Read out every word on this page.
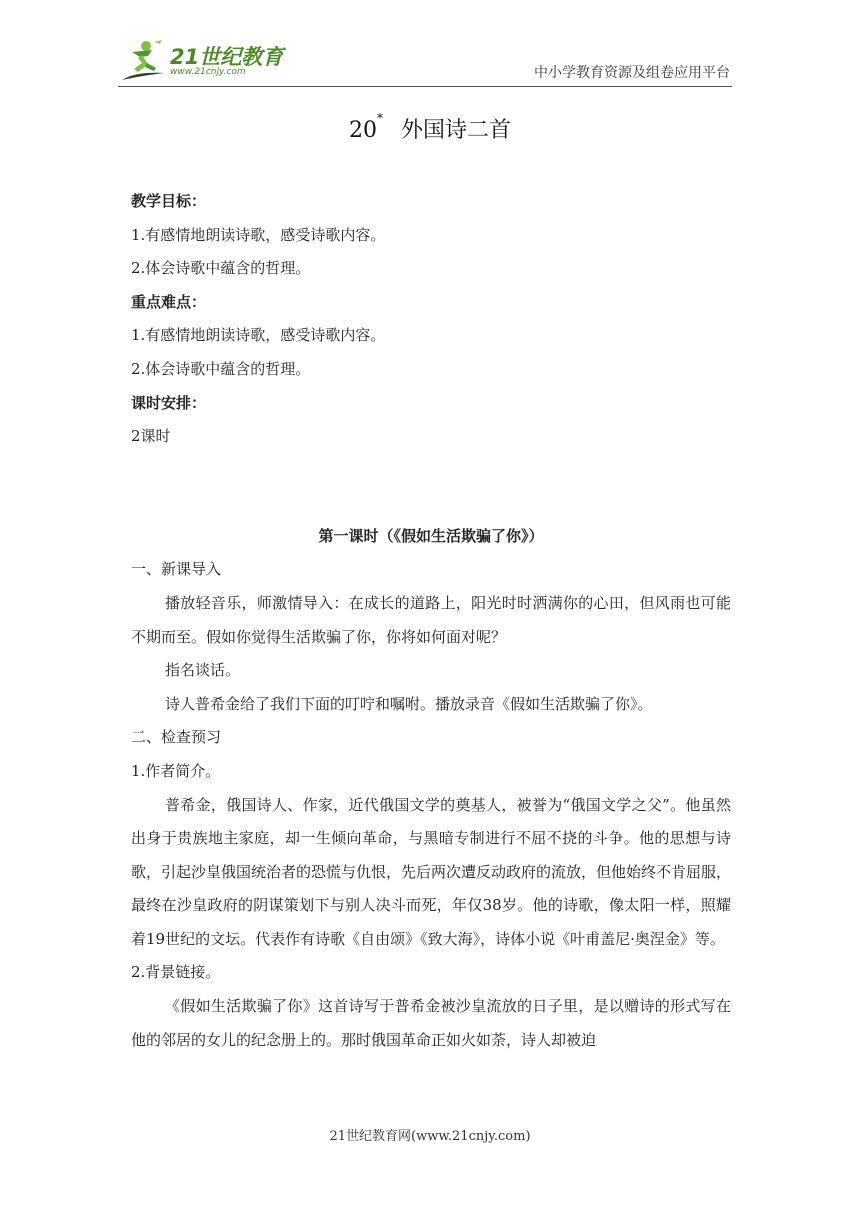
21世纪教育
www.21cnjy.com	中小学教育资源及组卷应用平台
20* 外国诗二首
教学目标：
1.有感情地朗读诗歌，感受诗歌内容。
2.体会诗歌中蕴含的哲理。
重点难点：
1.有感情地朗读诗歌，感受诗歌内容。
2.体会诗歌中蕴含的哲理。
课时安排：
2课时
第一课时（《假如生活欺骗了你》）
一、新课导入
播放轻音乐，师激情导入：在成长的道路上，阳光时时洒满你的心田，但风雨也可能不期而至。假如你觉得生活欺骗了你，你将如何面对呢？
指名谈话。
诗人普希金给了我们下面的叮咛和嘱咐。播放录音《假如生活欺骗了你》。
二、检查预习
1.作者简介。
普希金，俄国诗人、作家，近代俄国文学的奠基人，被誉为“俄国文学之父”。他虽然出身于贵族地主家庭，却一生倾向革命，与黑暗专制进行不屈不挠的斗争。他的思想与诗歌，引起沙皇俄国统治者的恐慌与仇恨，先后两次遭反动政府的流放，但他始终不肯屈服，最终在沙皇政府的阴谋策划下与别人决斗而死，年仅38岁。他的诗歌，像太阳一样，照耀着19世纪的文坛。代表作有诗歌《自由颂》《致大海》，诗体小说《叶甫盖尼·奥涅金》等。
2.背景链接。
《假如生活欺骗了你》这首诗写于普希金被沙皇流放的日子里，是以赠诗的形式写在他的邻居的女儿的纪念册上的。那时俄国革命正如火如荼，诗人却被迫
21世纪教育网(www.21cnjy.com)
